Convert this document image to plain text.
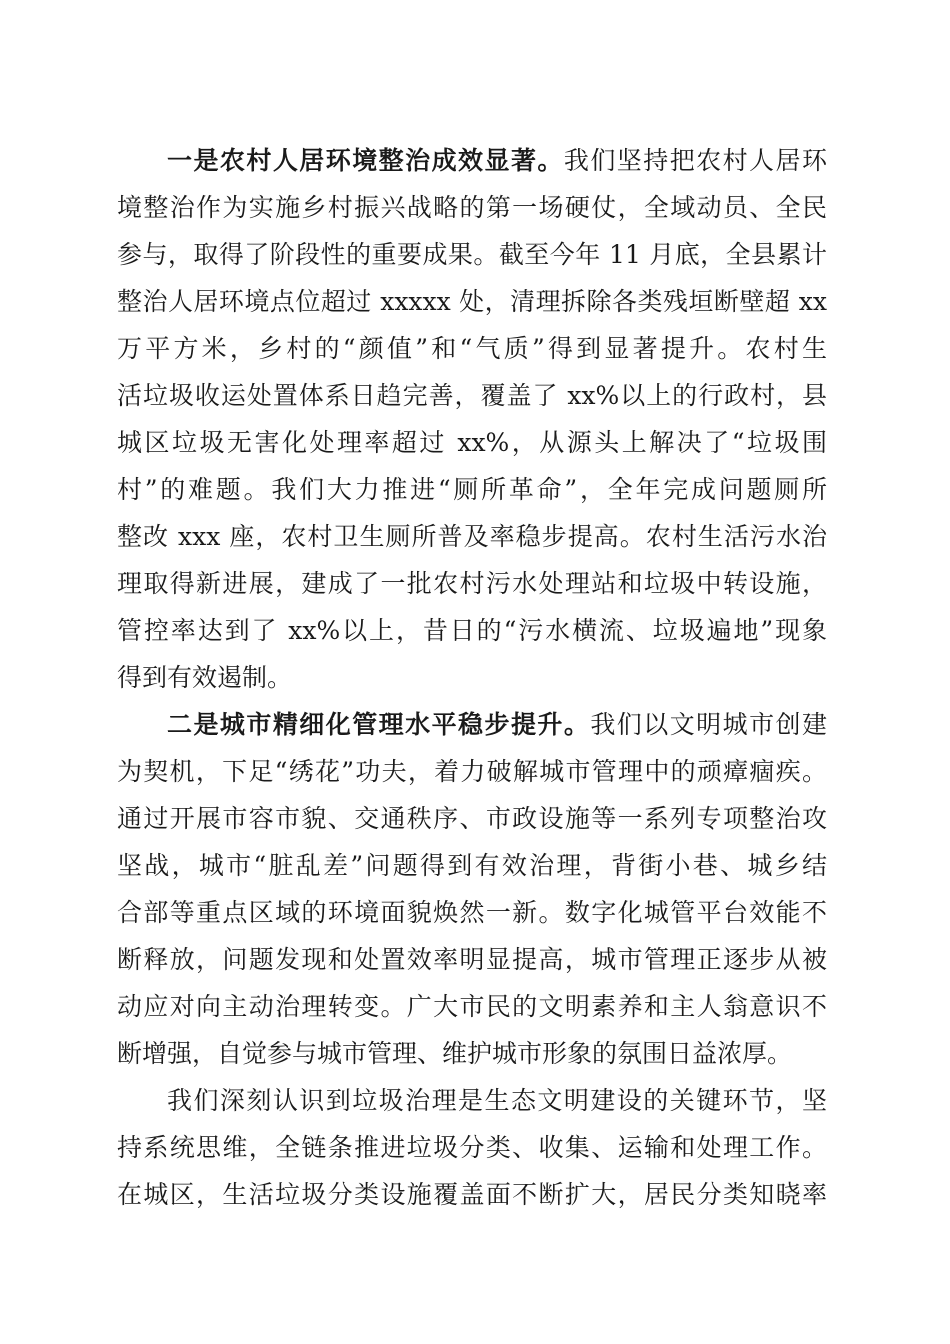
一是农村人居环境整治成效显著。我们坚持把农村人居环
境整治作为实施乡村振兴战略的第一场硬仗，全域动员、全民
参与，取得了阶段性的重要成果。截至今年 11 月底，全县累计
整治人居环境点位超过 xxxxx 处，清理拆除各类残垣断壁超 xx
万平方米，乡村的“颜值”和“气质”得到显著提升。农村生
活垃圾收运处置体系日趋完善，覆盖了 xx%以上的行政村，县
城区垃圾无害化处理率超过 xx%，从源头上解决了“垃圾围
村”的难题。我们大力推进“厕所革命”，全年完成问题厕所
整改 xxx 座，农村卫生厕所普及率稳步提高。农村生活污水治
理取得新进展，建成了一批农村污水处理站和垃圾中转设施，
管控率达到了 xx%以上，昔日的“污水横流、垃圾遍地”现象
得到有效遏制。
二是城市精细化管理水平稳步提升。我们以文明城市创建
为契机，下足“绣花”功夫，着力破解城市管理中的顽瘴痼疾。
通过开展市容市貌、交通秩序、市政设施等一系列专项整治攻
坚战，城市“脏乱差”问题得到有效治理，背街小巷、城乡结
合部等重点区域的环境面貌焕然一新。数字化城管平台效能不
断释放，问题发现和处置效率明显提高，城市管理正逐步从被
动应对向主动治理转变。广大市民的文明素养和主人翁意识不
断增强，自觉参与城市管理、维护城市形象的氛围日益浓厚。
我们深刻认识到垃圾治理是生态文明建设的关键环节，坚
持系统思维，全链条推进垃圾分类、收集、运输和处理工作。
在城区，生活垃圾分类设施覆盖面不断扩大，居民分类知晓率
